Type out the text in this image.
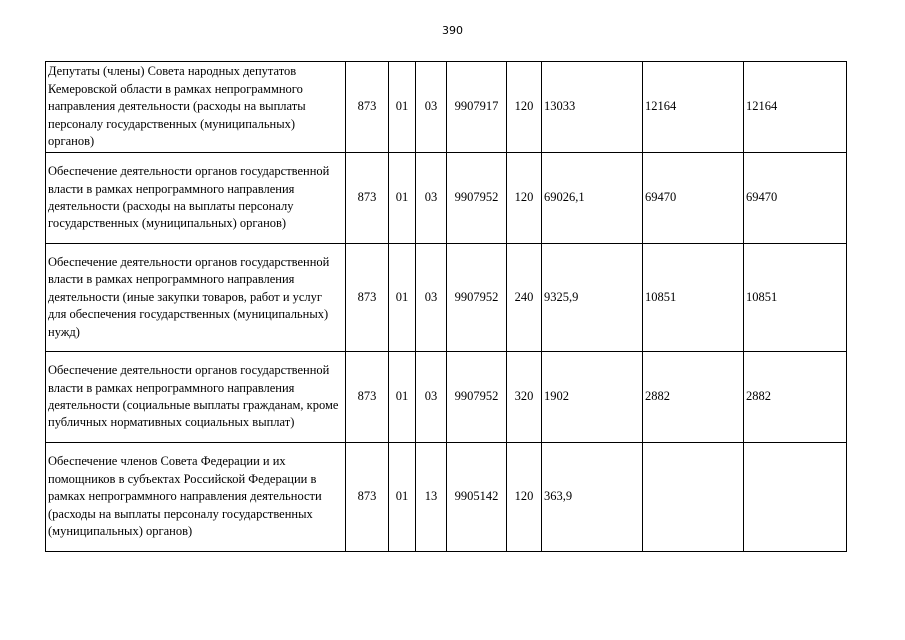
390
Депутаты (члены) Совета народных депутатов Кемеровской области в рамках непрограммного направления деятельности (расходы на выплаты персоналу государственных (муниципальных) органов)	873	01	03	9907917	120	13033	12164	12164
Обеспечение деятельности органов государственной власти в рамках непрограммного направления деятельности (расходы на выплаты персоналу государственных (муниципальных) органов)	873	01	03	9907952	120	69026,1	69470	69470
Обеспечение деятельности органов государственной власти в рамках непрограммного направления деятельности (иные закупки товаров, работ и услуг для обеспечения государственных (муниципальных) нужд)	873	01	03	9907952	240	9325,9	10851	10851
Обеспечение деятельности органов государственной власти в рамках непрограммного направления деятельности (социальные выплаты гражданам, кроме публичных нормативных социальных выплат)	873	01	03	9907952	320	1902	2882	2882
Обеспечение членов Совета Федерации и их помощников в субъектах Российской Федерации в рамках непрограммного направления деятельности (расходы на выплаты персоналу государственных (муниципальных) органов)	873	01	13	9905142	120	363,9		
